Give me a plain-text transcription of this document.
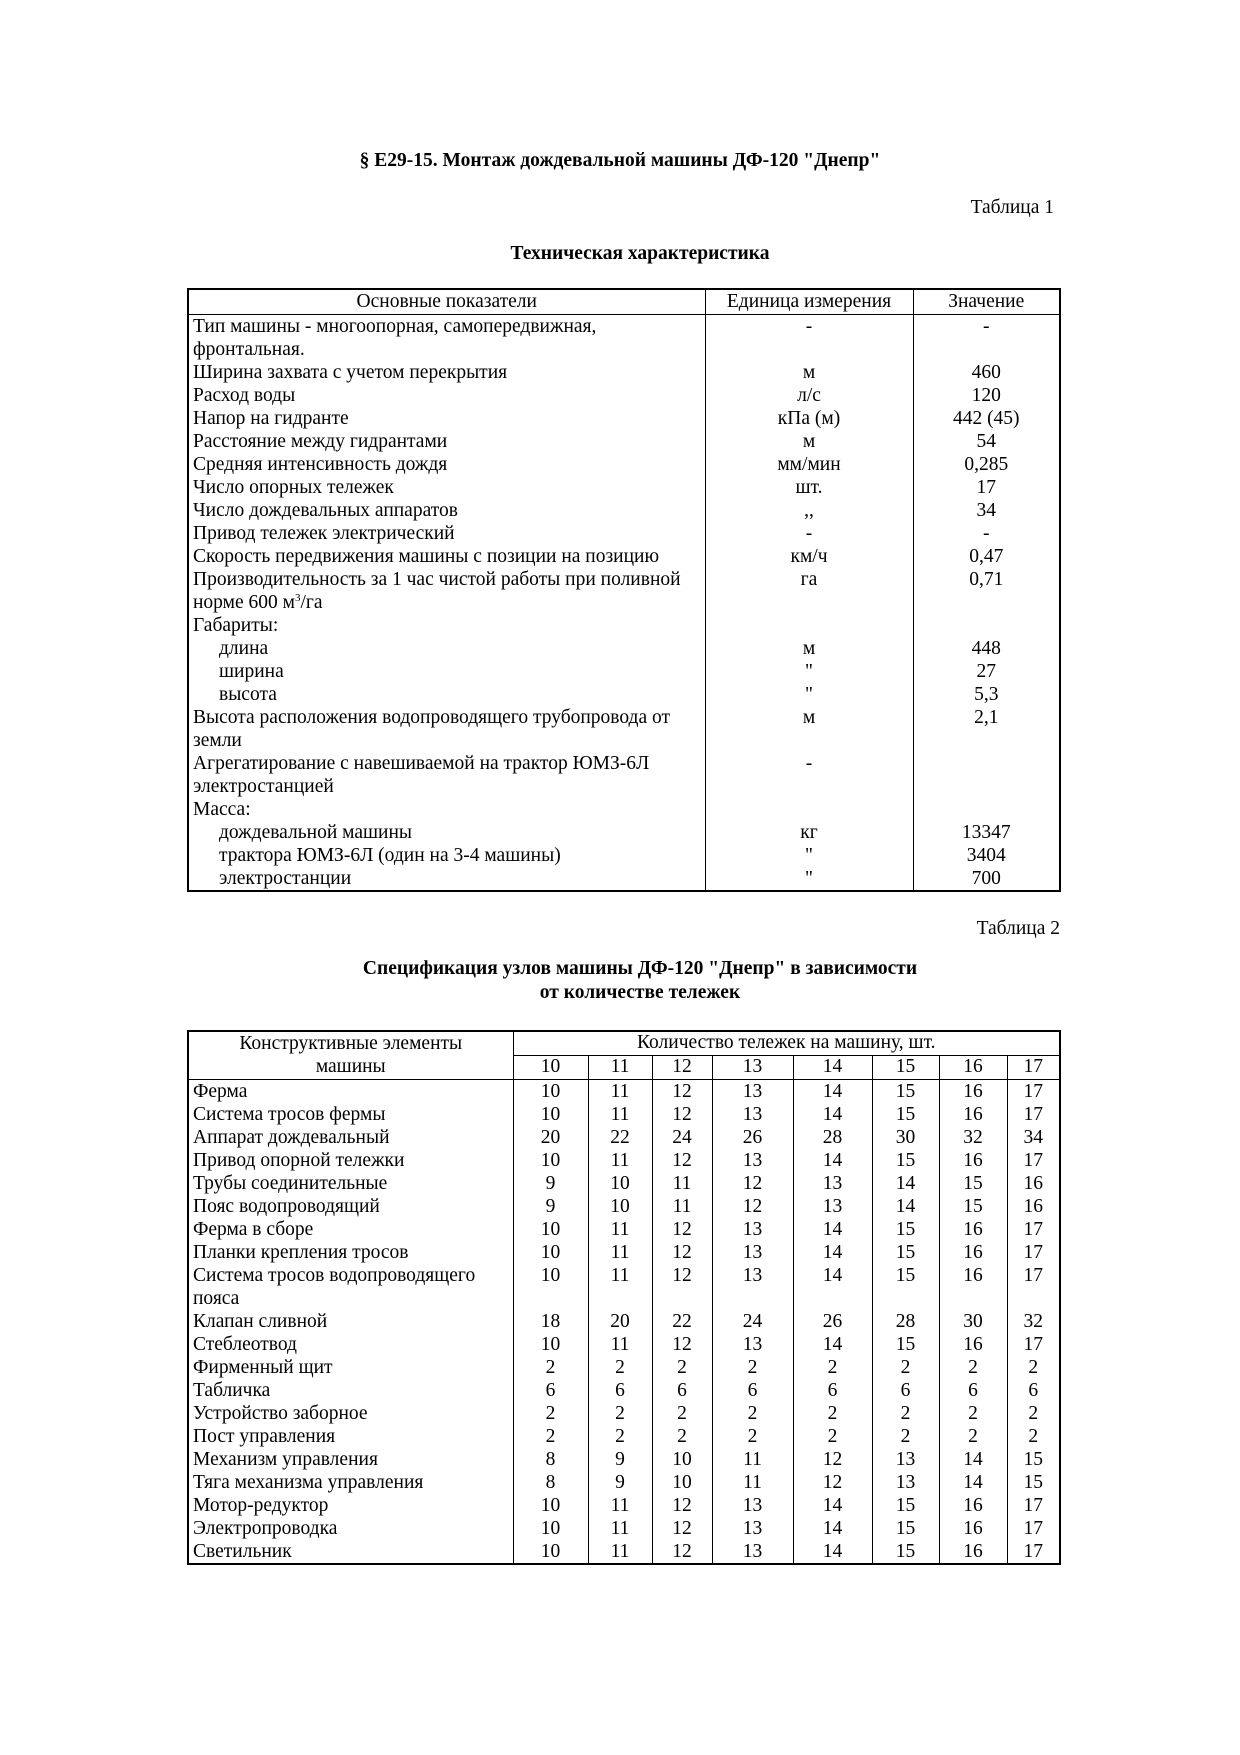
§ Е29-15. Монтаж дождевальной машины ДФ-120 "Днепр"
Таблица 1
Техническая характеристика
Основные показатели	Единица измерения	Значение
Тип машины - многоопорная, самопередвижная, фронтальная.	-	-
Ширина захвата с учетом перекрытия	м	460
Расход воды	л/с	120
Напор на гидранте	кПа (м)	442 (45)
Расстояние между гидрантами	м	54
Средняя интенсивность дождя	мм/мин	0,285
Число опорных тележек	шт.	17
Число дождевальных аппаратов	,,	34
Привод тележек электрический	-	-
Скорость передвижения машины с позиции на позицию	км/ч	0,47
Производительность за 1 час чистой работы при поливной норме 600 $м^3/га$	га	0,71
Габариты:		
длина	м	448
ширина	"	27
высота	"	5,3
Высота расположения водопроводящего трубопровода от земли	м	2,1
Агрегатирование с навешиваемой на трактор ЮМЗ-6Л электростанцией	-	
Масса:		
дождевальной машины	кг	13347
трактора ЮМЗ-6Л (один на 3-4 машины)	"	3404
электростанции	"	700
Таблица 2
Спецификация узлов машины ДФ-120 "Днепр" в зависимости
от количестве тележек
Конструктивные элементы
машины	Количество тележек на машину, шт.							
	10	11	12	13	14	15	16	17
Ферма	10	11	12	13	14	15	16	17
Система тросов фермы	10	11	12	13	14	15	16	17
Аппарат дождевальный	20	22	24	26	28	30	32	34
Привод опорной тележки	10	11	12	13	14	15	16	17
Трубы соединительные	9	10	11	12	13	14	15	16
Пояс водопроводящий	9	10	11	12	13	14	15	16
Ферма в сборе	10	11	12	13	14	15	16	17
Планки крепления тросов	10	11	12	13	14	15	16	17
Система тросов водопроводящего пояса	10	11	12	13	14	15	16	17
Клапан сливной	18	20	22	24	26	28	30	32
Стеблеотвод	10	11	12	13	14	15	16	17
Фирменный щит	2	2	2	2	2	2	2	2
Табличка	6	6	6	6	6	6	6	6
Устройство заборное	2	2	2	2	2	2	2	2
Пост управления	2	2	2	2	2	2	2	2
Механизм управления	8	9	10	11	12	13	14	15
Тяга механизма управления	8	9	10	11	12	13	14	15
Мотор-редуктор	10	11	12	13	14	15	16	17
Электропроводка	10	11	12	13	14	15	16	17
Светильник	10	11	12	13	14	15	16	17
